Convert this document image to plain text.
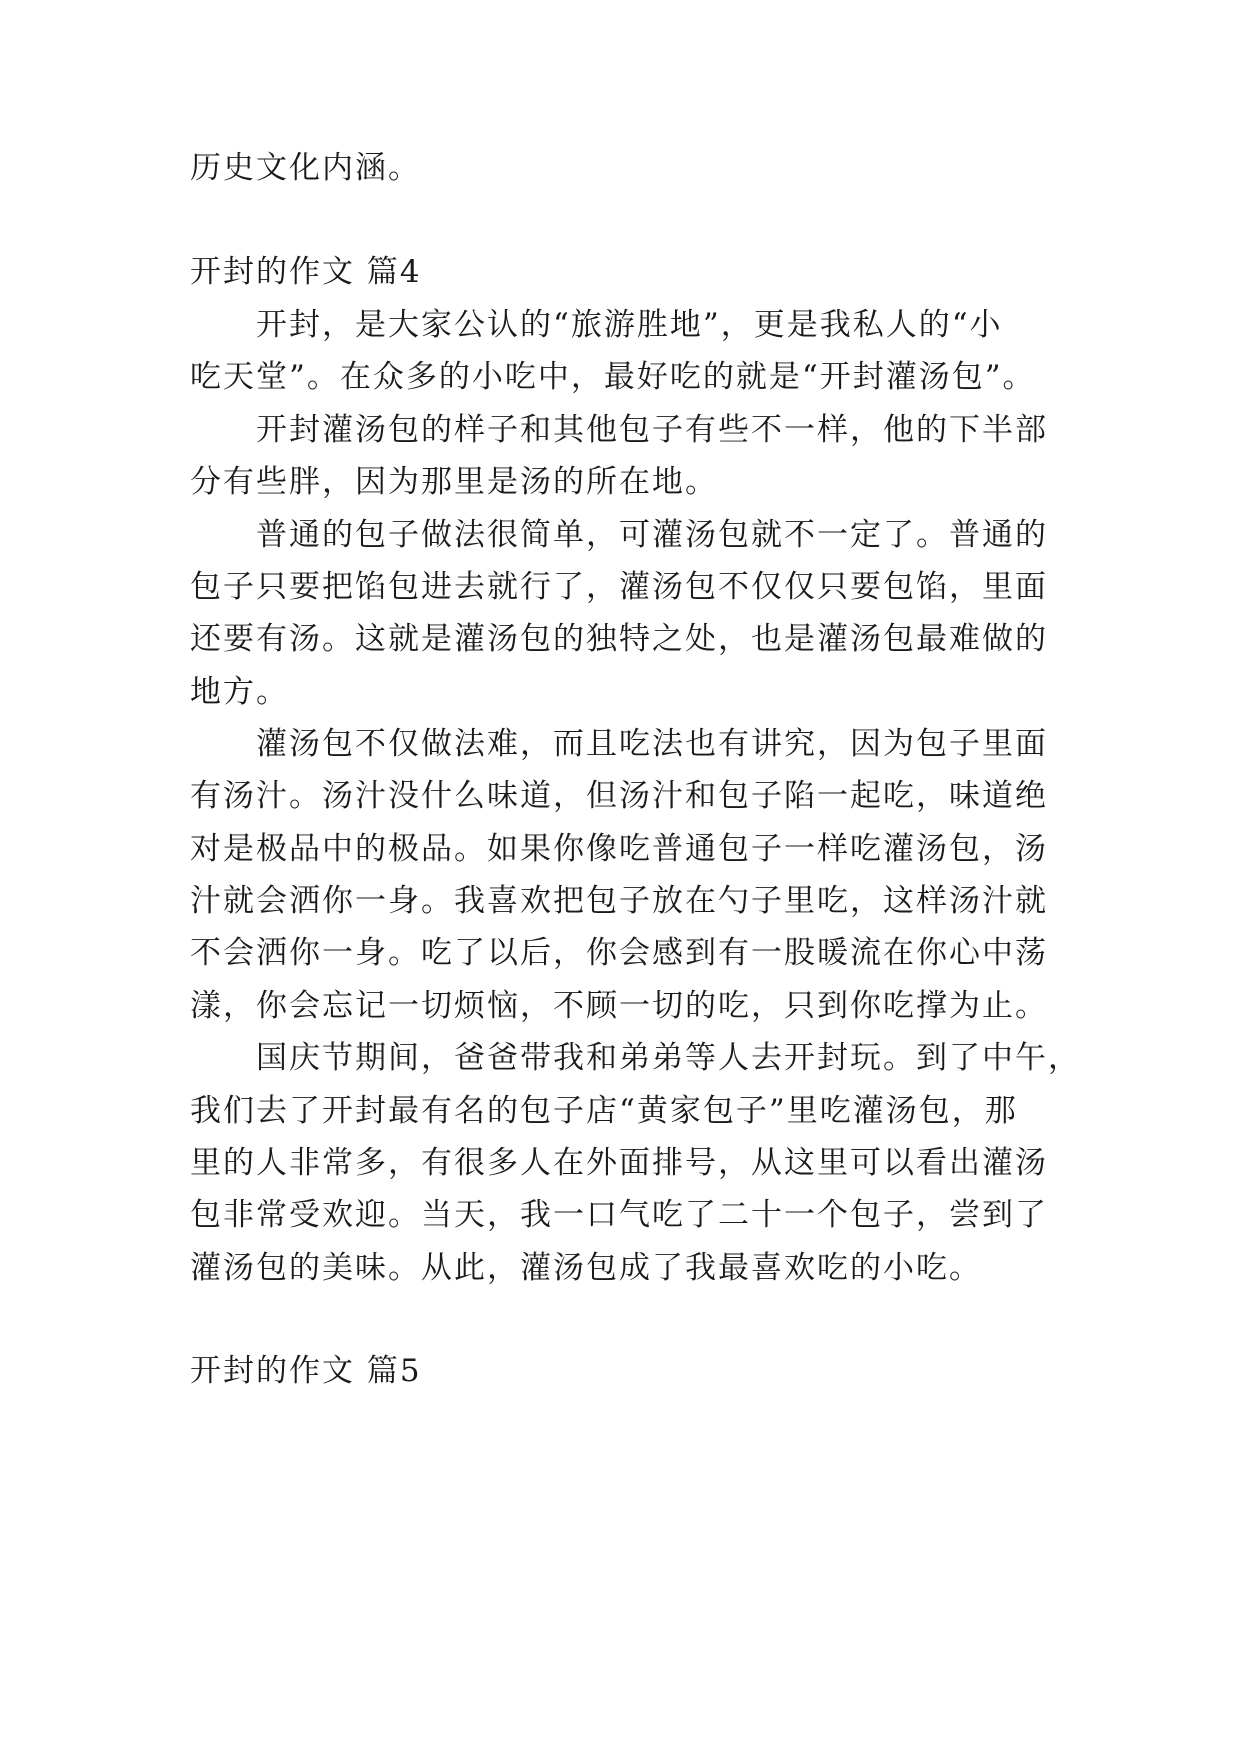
历史文化内涵。
开封的作文 篇4
开封，是大家公认的“旅游胜地”，更是我私人的“小
吃天堂”。在众多的小吃中，最好吃的就是“开封灌汤包”。
开封灌汤包的样子和其他包子有些不一样，他的下半部
分有些胖，因为那里是汤的所在地。
普通的包子做法很简单，可灌汤包就不一定了。普通的
包子只要把馅包进去就行了，灌汤包不仅仅只要包馅，里面
还要有汤。这就是灌汤包的独特之处，也是灌汤包最难做的
地方。
灌汤包不仅做法难，而且吃法也有讲究，因为包子里面
有汤汁。汤汁没什么味道，但汤汁和包子陷一起吃，味道绝
对是极品中的极品。如果你像吃普通包子一样吃灌汤包，汤
汁就会洒你一身。我喜欢把包子放在勺子里吃，这样汤汁就
不会洒你一身。吃了以后，你会感到有一股暖流在你心中荡
漾，你会忘记一切烦恼，不顾一切的吃，只到你吃撑为止。
国庆节期间，爸爸带我和弟弟等人去开封玩。到了中午，
我们去了开封最有名的包子店“黄家包子”里吃灌汤包，那
里的人非常多，有很多人在外面排号，从这里可以看出灌汤
包非常受欢迎。当天，我一口气吃了二十一个包子，尝到了
灌汤包的美味。从此，灌汤包成了我最喜欢吃的小吃。
开封的作文 篇5
